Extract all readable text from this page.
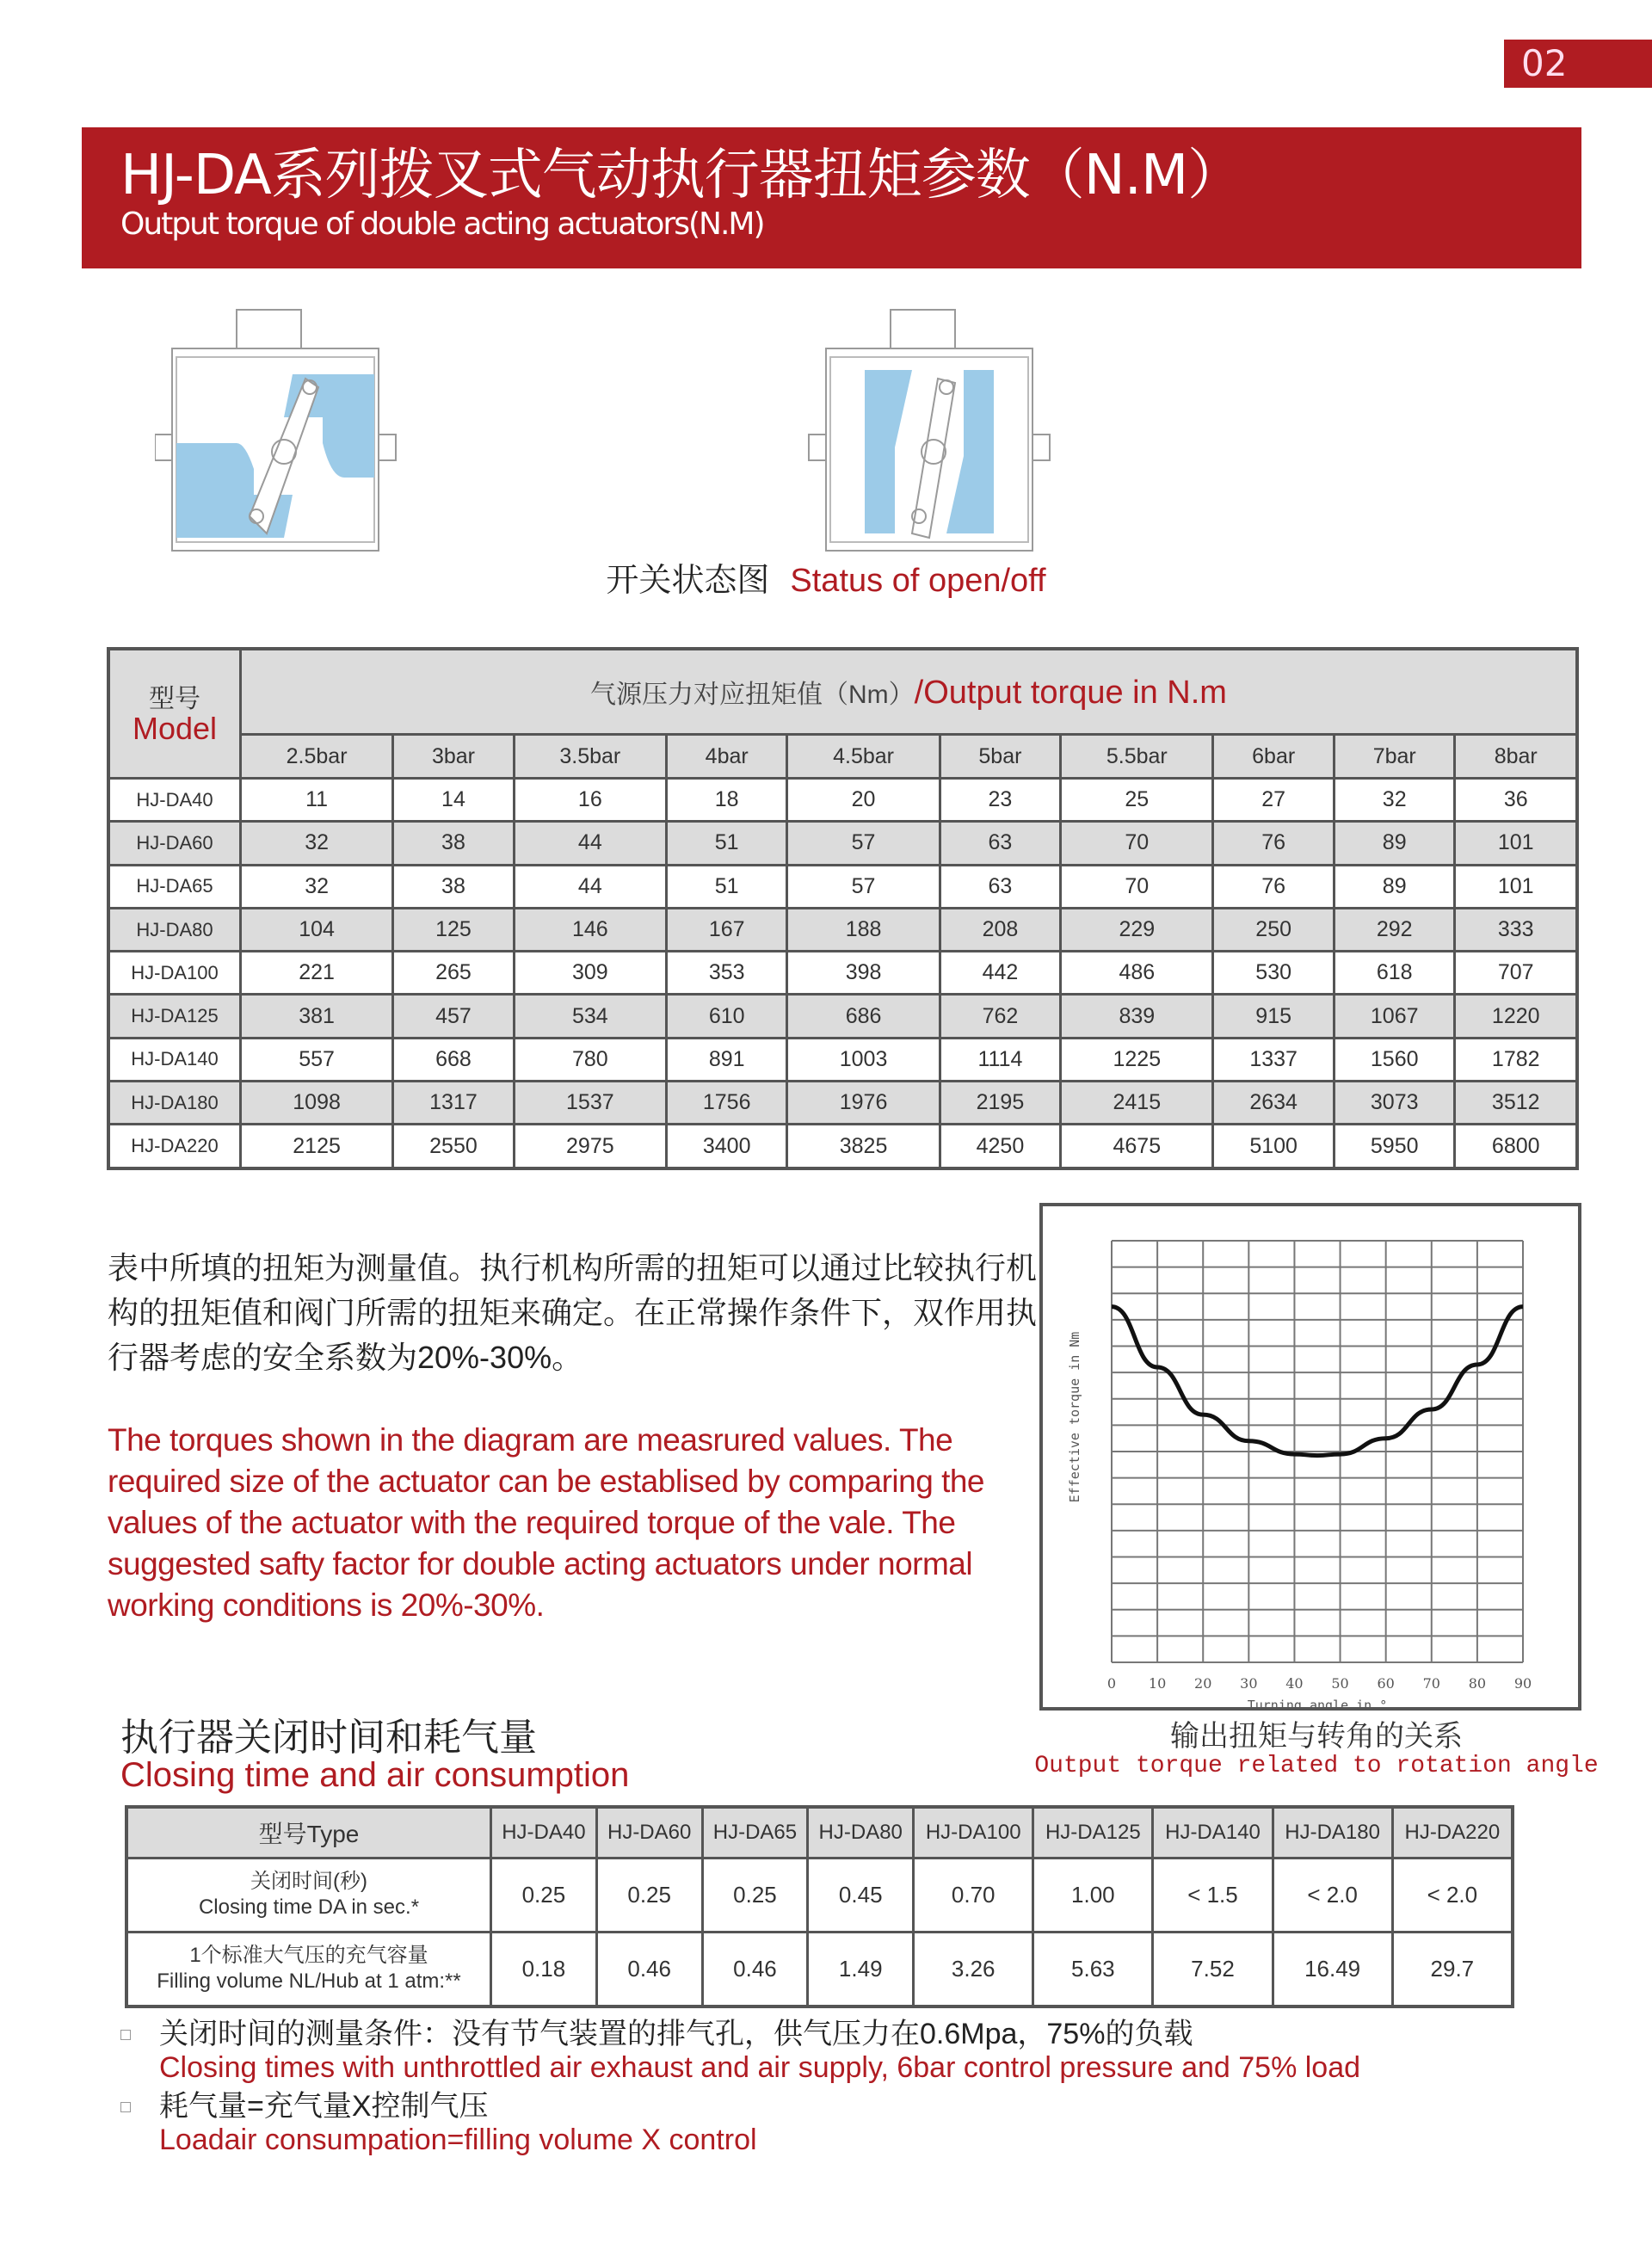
02
HJ-DA系列拨叉式气动执行器扭矩参数（N.M）
Output torque of double acting actuators(N.M)
开关状态图 Status of open/off
型号
Model	气源压力对应扭矩值（Nm）/Output torque in N.m									
	2.5bar	3bar	3.5bar	4bar	4.5bar	5bar	5.5bar	6bar	7bar	8bar
HJ-DA40	11	14	16	18	20	23	25	27	32	36
HJ-DA60	32	38	44	51	57	63	70	76	89	101
HJ-DA65	32	38	44	51	57	63	70	76	89	101
HJ-DA80	104	125	146	167	188	208	229	250	292	333
HJ-DA100	221	265	309	353	398	442	486	530	618	707
HJ-DA125	381	457	534	610	686	762	839	915	1067	1220
HJ-DA140	557	668	780	891	1003	1114	1225	1337	1560	1782
HJ-DA180	1098	1317	1537	1756	1976	2195	2415	2634	3073	3512
HJ-DA220	2125	2550	2975	3400	3825	4250	4675	5100	5950	6800
表中所填的扭矩为测量值。执行机构所需的扭矩可以通过比较执行机构的扭矩值和阀门所需的扭矩来确定。在正常操作条件下，双作用执行器考虑的安全系数为20%-30%。
The torques shown in the diagram are measrured values. The required size of the actuator can be establised by comparing the values of the actuator with the required torque of the vale. The suggested safty factor for double acting actuators under normal working conditions is 20%-30%.
0 10 20 30 40 50 60 70 80 90
Turning angle in °
Effective torque in Nm
输出扭矩与转角的关系
Output torque related to rotation angle
执行器关闭时间和耗气量
Closing time and air consumption
型号Type	HJ-DA40	HJ-DA60	HJ-DA65	HJ-DA80	HJ-DA100	HJ-DA125	HJ-DA140	HJ-DA180	HJ-DA220

关闭时间(秒)
Closing time DA in sec.*	0.25	0.25	0.25	0.45	0.70	1.00	< 1.5	< 2.0	< 2.0

1个标准大气压的充气容量
Filling volume NL/Hub at 1 atm:**	0.18	0.46	0.46	1.49	3.26	5.63	7.52	16.49	29.7
关闭时间的测量条件：没有节气装置的排气孔，供气压力在0.6Mpa，75%的负载
Closing times with unthrottled air exhaust and air supply, 6bar control pressure and 75% load
耗气量=充气量X控制气压
Loadair consumpation=filling volume X control
